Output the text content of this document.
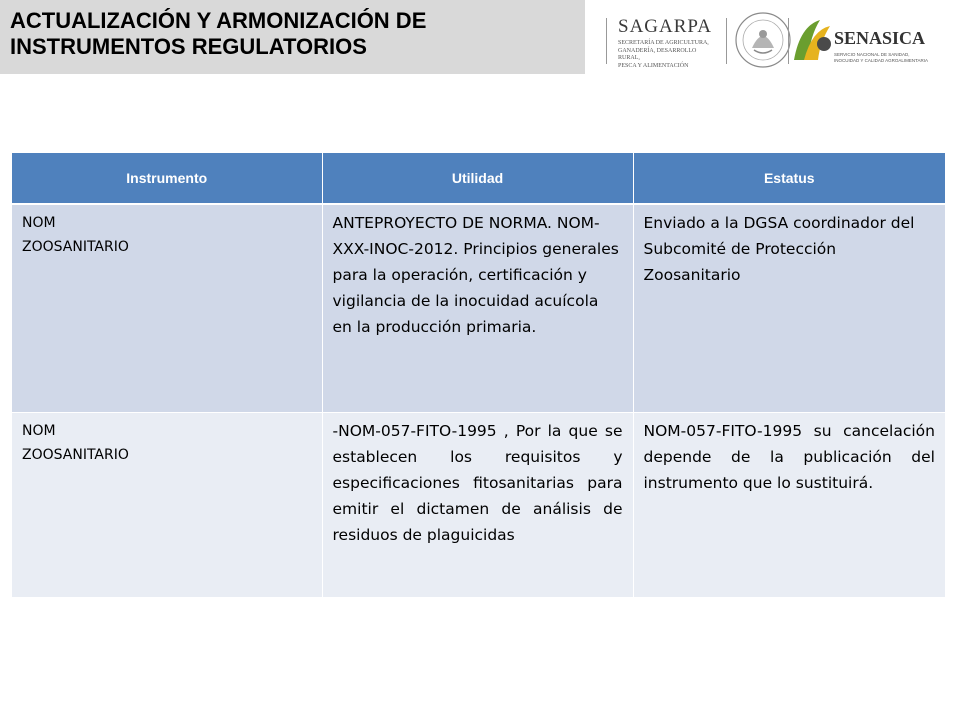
ACTUALIZACIÓN Y ARMONIZACIÓN DE
INSTRUMENTOS REGULATORIOS
SAGARPA
SECRETARÍA DE AGRICULTURA,
GANADERÍA, DESARROLLO RURAL,
PESCA Y ALIMENTACIÓN
SENASICA
SERVICIO NACIONAL DE SANIDAD,
INOCUIDAD Y CALIDAD AGROALIMENTARIA
Instrumento	Utilidad	Estatus

NOM
ZOOSANITARIO	ANTEPROYECTO DE NORMA. NOM-XXX-INOC-2012. Principios generales para la operación, certificación y vigilancia de la inocuidad acuícola en la producción primaria.	Enviado a la DGSA coordinador del Subcomité de Protección Zoosanitario

NOM
ZOOSANITARIO	-NOM-057-FITO-1995 , Por la que se establecen los requisitos y especificaciones fitosanitarias para emitir el dictamen de análisis de residuos de plaguicidas	NOM-057-FITO-1995 su cancelación depende de la publicación del instrumento que lo sustituirá.
